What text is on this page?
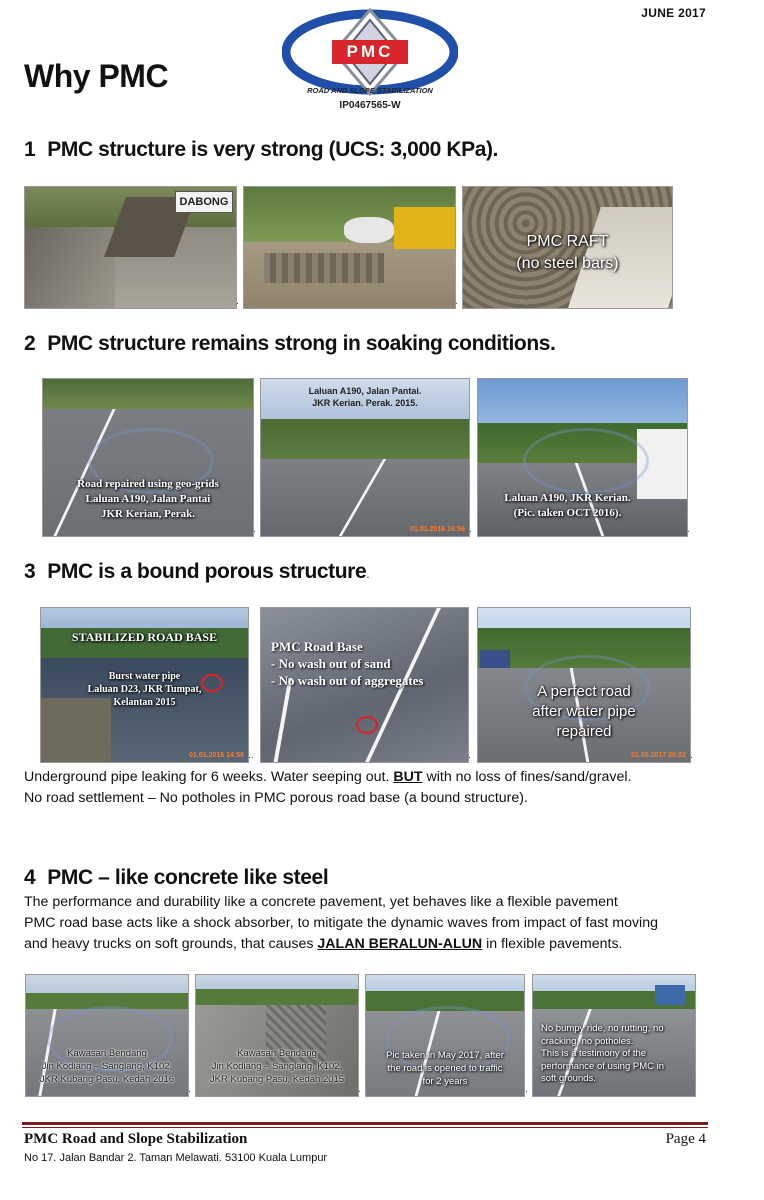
JUNE 2017
PMC
ROAD AND SLOPE STABILIZATION
IP0467565-W
Why PMC
1 PMC structure is very strong (UCS: 3,000 KPa).
DABONG
.	.
PMC RAFT
(no steel bars)
2 PMC structure remains strong in soaking conditions.
Road repaired using geo-grids
Laluan A190, Jalan Pantai
JKR Kerian, Perak.
.
Laluan A190, Jalan Pantai.
JKR Kerian. Perak. 2015.
01.01.2016 16:56 .
Laluan A190, JKR Kerian.
(Pic. taken OCT 2016).
.
3 PMC is a bound porous structure.
STABILIZED ROAD BASE
Burst water pipe
Laluan D23, JKR Tumpat,
Kelantan 2015
01.01.2016 14:56 ..
PMC Road Base
- No wash out of sand
- No wash out of aggregates
.
A perfect road
after water pipe
repaired
01.05.2017 20:22 .
Underground pipe leaking for 6 weeks. Water seeping out. BUT with no loss of fines/sand/gravel.
No road settlement – No potholes in PMC porous road base (a bound structure).
4 PMC – like concrete like steel
The performance and durability like a concrete pavement, yet behaves like a flexible pavement
PMC road base acts like a shock absorber, to mitigate the dynamic waves from impact of fast moving
and heavy trucks on soft grounds, that causes JALAN BERALUN-ALUN in flexible pavements.
Kawasan Bendang
Jin Kodiang – Sanglang, K102,
JKR Kubang Pasu, Kedah 2016
.
Kawasan Bendang
Jin Kodiang – Sanglang, K102,
JKR Kubang Pasu, Kedah 2015
.
Pic taken in May 2017, after
the road is opened to traffic
for 2 years
.
No bumpy ride, no rutting, no
cracking, no potholes.
This is a testimony of the
performance of using PMC in
soft grounds.
PMC Road and Slope Stabilization	Page 4
No 17. Jalan Bandar 2. Taman Melawati. 53100 Kuala Lumpur
